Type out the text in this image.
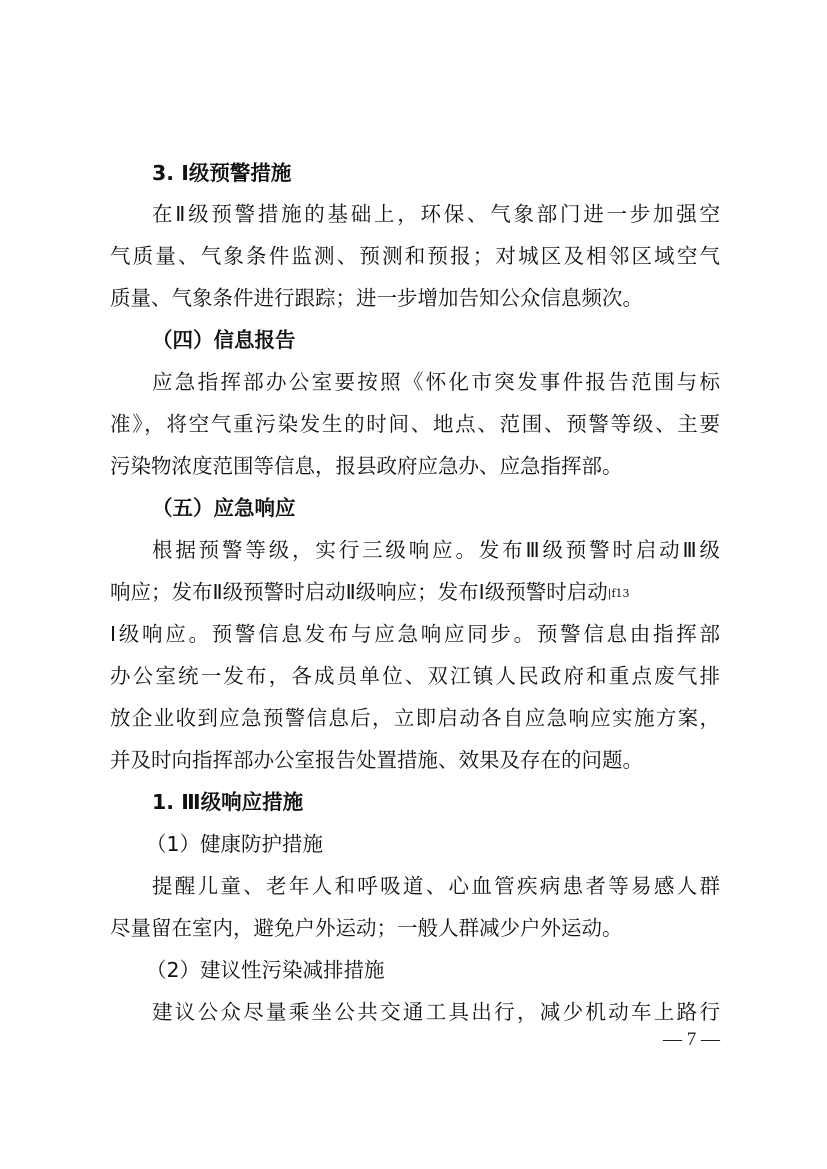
3. Ⅰ级预警措施
在Ⅱ级预警措施的基础上，环保、气象部门进一步加强空
气质量、气象条件监测、预测和预报；对城区及相邻区域空气
质量、气象条件进行跟踪；进一步增加告知公众信息频次。
（四）信息报告
应急指挥部办公室要按照《怀化市突发事件报告范围与标
准》，将空气重污染发生的时间、地点、范围、预警等级、主要
污染物浓度范围等信息，报县政府应急办、应急指挥部。
（五）应急响应
根据预警等级，实行三级响应。发布Ⅲ级预警时启动Ⅲ级
响应；发布Ⅱ级预警时启动Ⅱ级响应；发布Ⅰ级预警时启动|f13
Ⅰ级响应。预警信息发布与应急响应同步。预警信息由指挥部
办公室统一发布，各成员单位、双江镇人民政府和重点废气排
放企业收到应急预警信息后，立即启动各自应急响应实施方案，
并及时向指挥部办公室报告处置措施、效果及存在的问题。
1. Ⅲ级响应措施
（1）健康防护措施
提醒儿童、老年人和呼吸道、心血管疾病患者等易感人群
尽量留在室内，避免户外运动；一般人群减少户外运动。
（2）建议性污染减排措施
建议公众尽量乘坐公共交通工具出行，减少机动车上路行
— 7 —
